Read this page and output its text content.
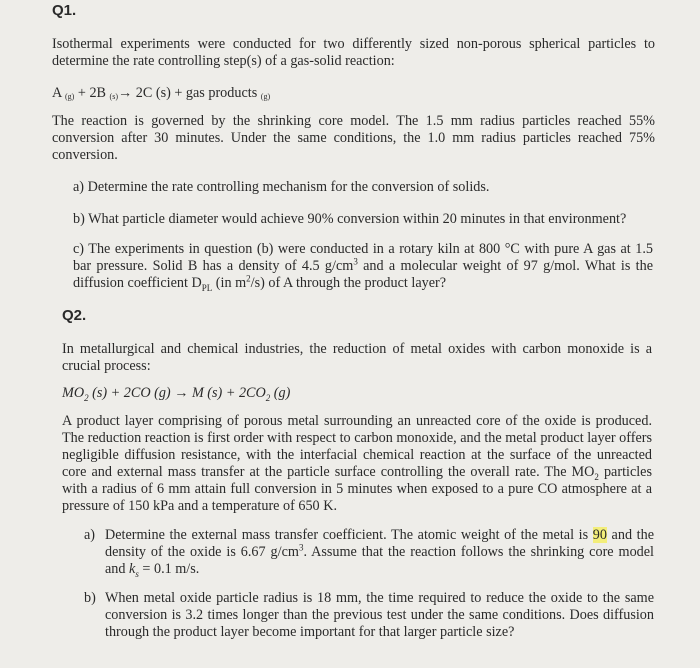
Q1.
Isothermal experiments were conducted for two differently sized non-porous spherical particles to determine the rate controlling step(s) of a gas-solid reaction:
A (g) + 2B (s)→ 2C (s) + gas products (g)
The reaction is governed by the shrinking core model. The 1.5 mm radius particles reached 55% conversion after 30 minutes. Under the same conditions, the 1.0 mm radius particles reached 75% conversion.
a) Determine the rate controlling mechanism for the conversion of solids.
b) What particle diameter would achieve 90% conversion within 20 minutes in that environment?
c) The experiments in question (b) were conducted in a rotary kiln at 800 °C with pure A gas at 1.5 bar pressure. Solid B has a density of 4.5 $g/cm^3$ and a molecular weight of 97 g/mol. What is the diffusion coefficient $D_{PL}$ (in $m^2/s$) of A through the product layer?
Q2.
In metallurgical and chemical industries, the reduction of metal oxides with carbon monoxide is a crucial process:
$MO_2$ (s) + 2CO (g) → M $(s) + 2CO_2$ (g)
A product layer comprising of porous metal surrounding an unreacted core of the oxide is produced. The reduction reaction is first order with respect to carbon monoxide, and the metal product layer offers negligible diffusion resistance, with the interfacial chemical reaction at the surface of the unreacted core and external mass transfer at the particle surface controlling the overall rate. The $MO_2$ particles with a radius of 6 mm attain full conversion in 5 minutes when exposed to a pure CO atmosphere at a pressure of 150 kPa and a temperature of 650 K.
a) Determine the external mass transfer coefficient. The atomic weight of the metal is 90 and the density of the oxide is 6.67 $g/cm^3$. Assume that the reaction follows the shrinking core model and $k_s = 0.1$ m/s.
b) When metal oxide particle radius is 18 mm, the time required to reduce the oxide to the same conversion is 3.2 times longer than the previous test under the same conditions. Does diffusion through the product layer become important for that larger particle size?
